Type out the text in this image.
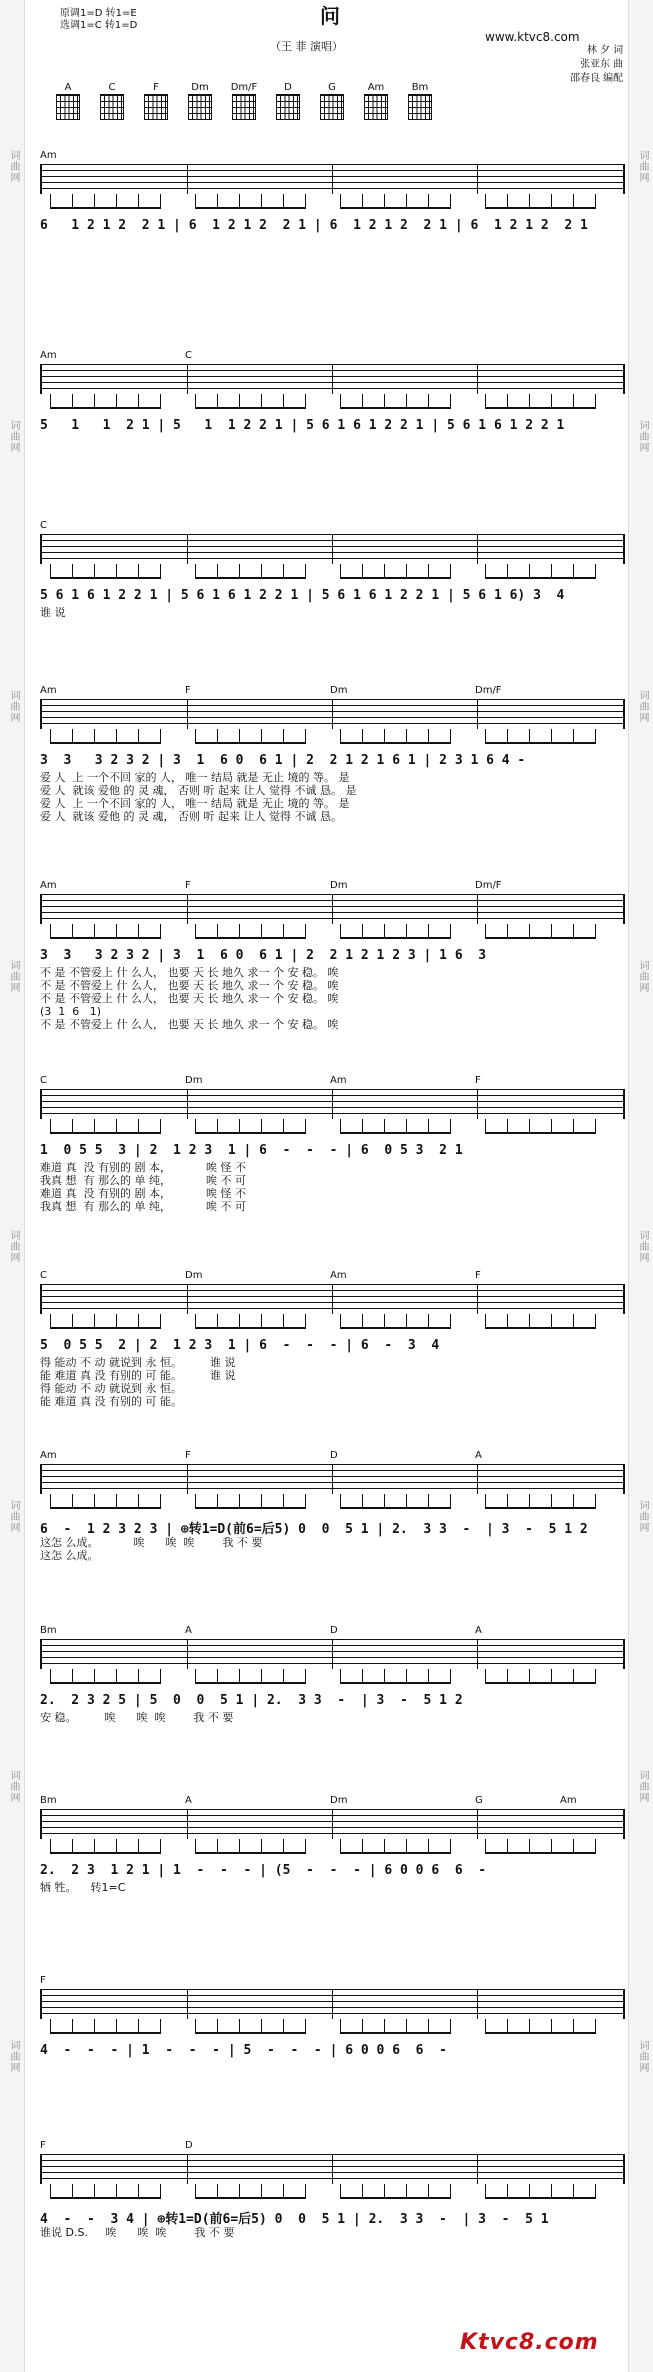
词曲网
词曲网
词曲网
词曲网
词曲网
词曲网
词曲网
词曲网
词曲网
词曲网
词曲网
词曲网
词曲网
词曲网
词曲网
词曲网
原调1=D 转1=E
选调1=C 转1=D	问
（王 菲 演唱）
www.ktvc8.com
林 夕 词
张亚东 曲
邵春良 编配
A	C	F	Dm Dm/F	D	G	Am	Bm
Am
6   1 2 1 2  2 1 | 6  1 2 1 2  2 1 | 6  1 2 1 2  2 1 | 6  1 2 1 2  2 1
Am	C
5   1   1  2 1 | 5   1  1 2 2 1 | 5 6 1 6 1 2 2 1 | 5 6 1 6 1 2 2 1
C
5 6 1 6 1 2 2 1 | 5 6 1 6 1 2 2 1 | 5 6 1 6 1 2 2 1 | 5 6 1 6) 3  4
谁 说
Am	F	Dm	Dm/F
3  3   3 2 3 2 | 3  1  6 0  6 1 | 2  2 1 2 1 6 1 | 2 3 1 6 4 -
爱 人  上 一个不回 家的 人， 唯一 结局 就是 无止 境的 等。 是
爱 人  就该 爱他 的 灵 魂， 否则 听 起来 让人 觉得 不诚 恳。 是
爱 人  上 一个不回 家的 人， 唯一 结局 就是 无止 境的 等。 是
爱 人  就该 爱他 的 灵 魂， 否则 听 起来 让人 觉得 不诚 恳。
Am	F	Dm	Dm/F
3  3   3 2 3 2 | 3  1  6 0  6 1 | 2  2 1 2 1 2 3 | 1 6  3
不 是 不管爱上 什 么人， 也要 天 长 地久 求一 个 安 稳。 唉
不 是 不管爱上 什 么人， 也要 天 长 地久 求一 个 安 稳。 唉
不 是 不管爱上 什 么人， 也要 天 长 地久 求一 个 安 稳。 唉
(3  1  6   1)
不 是 不管爱上 什 么人， 也要 天 长 地久 求一 个 安 稳。 唉
C	Dm	Am	F
1  0 5 5  3 | 2  1 2 3  1 | 6  -  -  - | 6  0 5 3  2 1
难道 真  没 有别的 剧 本，          唉 怪 不
我真 想  有 那么的 单 纯，          唉 不 可
难道 真  没 有别的 剧 本，          唉 怪 不
我真 想  有 那么的 单 纯，          唉 不 可
C	Dm	Am	F
5  0 5 5  2 | 2  1 2 3  1 | 6  -  -  - | 6  -  3  4
得 能动 不 动 就说到 永 恒。        谁 说
能 难道 真 没 有别的 可 能。        谁 说
得 能动 不 动 就说到 永 恒。
能 难道 真 没 有别的 可 能。
Am	F	D	A
6  -  1 2 3 2 3 | ⊕转1=D(前6=后5) 0  0  5 1 | 2.  3 3  -  | 3  -  5 1 2
这怎 么成。          唉      唉  唉        我 不 要
这怎 么成。
Bm	A	D	A
2.  2 3 2 5 | 5  0  0  5 1 | 2.  3 3  -  | 3  -  5 1 2
安 稳。        唉      唉  唉        我 不 要
Bm	A	Dm	G	Am
2.  2 3  1 2 1 | 1  -  -  - | (5  -  -  - | 6 0 0 6  6  -
牺 牲。    转1=C
F
4  -  -  - | 1  -  -  - | 5  -  -  - | 6 0 0 6  6  -
F	D
4  -  -  3 4 | ⊕转1=D(前6=后5) 0  0  5 1 | 2.  3 3  -  | 3  -  5 1
谁说 D.S.     唉      唉  唉        我 不 要
Ktvc8.com
